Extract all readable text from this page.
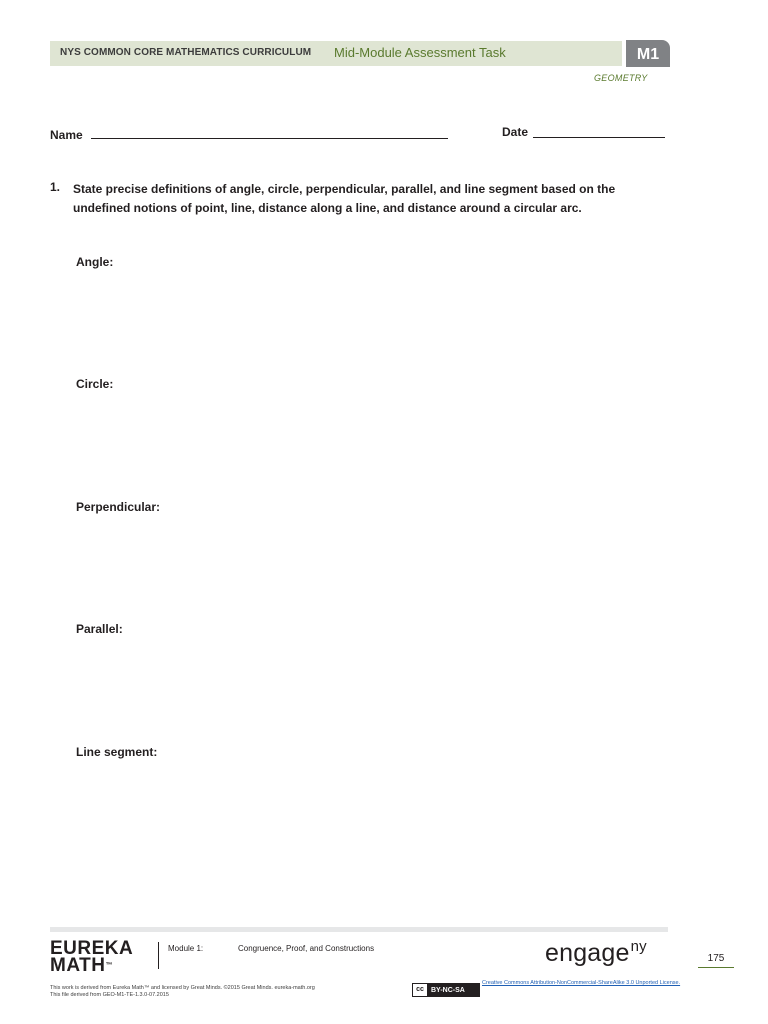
NYS COMMON CORE MATHEMATICS CURRICULUM Mid-Module Assessment Task	M1
GEOMETRY
Name	Date
1. State precise definitions of angle, circle, perpendicular, parallel, and line segment based on the undefined notions of point, line, distance along a line, and distance around a circular arc.
Angle:
Circle:
Perpendicular:
Parallel:
Line segment:
EUREKA
MATH™
Module 1:	Congruence, Proof, and Constructions	engage$^{ny}$
175
This work is derived from Eureka Math™ and licensed by Great Minds. ©2015 Great Minds. eureka-math.org
This file derived from GEO-M1-TE-1.3.0-07.2015
cc	BY-NC-SA
Creative Commons Attribution-NonCommercial-ShareAlike 3.0 Unported License.
